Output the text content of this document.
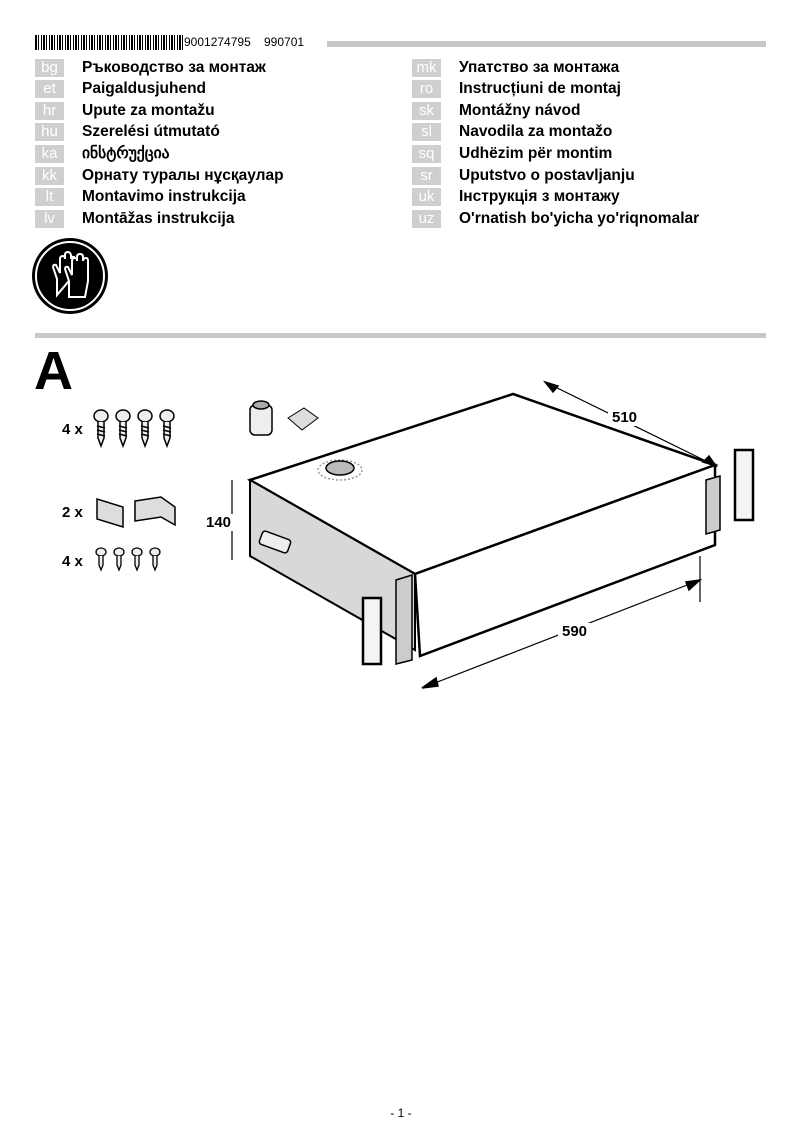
9001274795 990701
bg	Ръководство за монтаж
et	Paigaldusjuhend
hr	Upute za montažu
hu	Szerelési útmutató
ka	ინსტრუქცია
kk	Орнату туралы нұсқаулар
lt	Montavimo instrukcija
lv	Montāžas instrukcija
mk Упатство за монтажа
ro	Instrucțiuni de montaj
sk	Montážny návod
sl	Navodila za montažo
sq	Udhëzim për montim
sr	Uputstvo o postavljanju
uk	Інструкція з монтажу
uz	O'rnatish bo'yicha yo'riqnomalar
A
4 x
2 x
4 x
510
590
140
- 1 -
